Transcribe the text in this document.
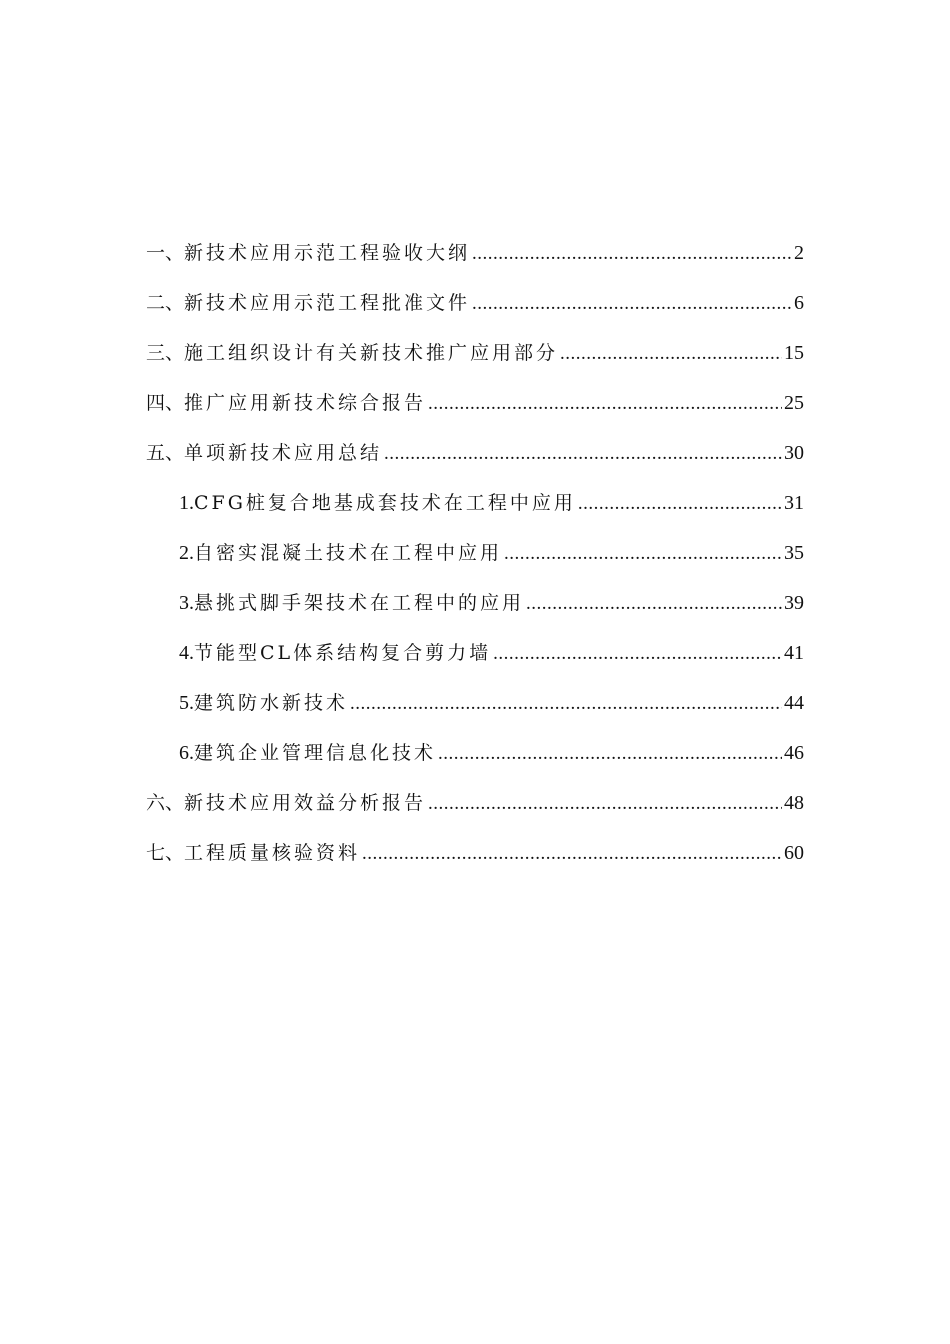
一、 新技术应用示范工程验收大纲 .....	2
二、 新技术应用示范工程批准文件 .....	6
三、 施工组织设计有关新技术推广应用部分 .....	15
四、 推广应用新技术综合报告 .....	25
五、 单项新技术应用总结 .....	30
1. CFG桩复合地基成套技术在工程中应用 .....	31
2. 自密实混凝土技术在工程中应用 .....	35
3. 悬挑式脚手架技术在工程中的应用 .....	39
4. 节能型CL体系结构复合剪力墙 .....	41
5. 建筑防水新技术 .....	44
6. 建筑企业管理信息化技术 .....	46
六、 新技术应用效益分析报告 .....	48
七、 工程质量核验资料 .....	60
